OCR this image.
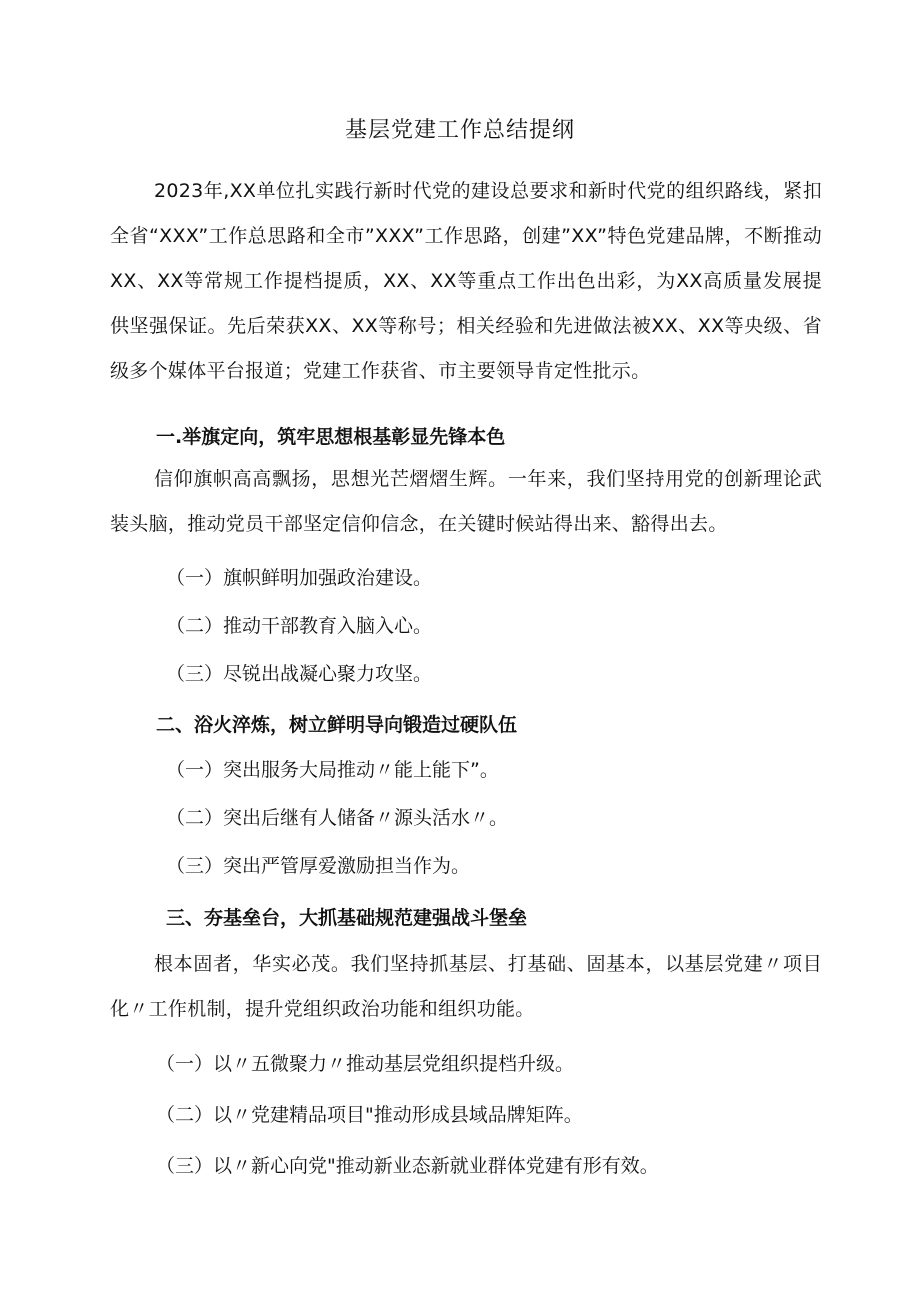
基层党建工作总结提纲
2023年,XX单位扎实践行新时代党的建设总要求和新时代党的组织路线，紧扣全省“XXX”工作总思路和全市”XXX”工作思路，创建”XX”特色党建品牌，不断推动XX、XX等常规工作提档提质，XX、XX等重点工作出色出彩，为XX高质量发展提供坚强保证。先后荣获XX、XX等称号；相关经验和先进做法被XX、XX等央级、省级多个媒体平台报道；党建工作获省、市主要领导肯定性批示。
一.举旗定向，筑牢思想根基彰显先锋本色
信仰旗帜高高飘扬，思想光芒熠熠生辉。一年来，我们坚持用党的创新理论武装头脑，推动党员干部坚定信仰信念，在关键时候站得出来、豁得出去。
（一）旗帜鲜明加强政治建设。
（二）推动干部教育入脑入心。
（三）尽锐出战凝心聚力攻坚。
二、浴火淬炼，树立鲜明导向锻造过硬队伍
（一）突出服务大局推动〃能上能下”。
（二）突出后继有人储备〃源头活水〃。
（三）突出严管厚爱激励担当作为。
三、夯基垒台，大抓基础规范建强战斗堡垒
根本固者，华实必茂。我们坚持抓基层、打基础、固基本，以基层党建〃项目化〃工作机制，提升党组织政治功能和组织功能。
（一）以〃五微聚力〃推动基层党组织提档升级。
（二）以〃党建精品项目"推动形成县域品牌矩阵。
（三）以〃新心向党"推动新业态新就业群体党建有形有效。
